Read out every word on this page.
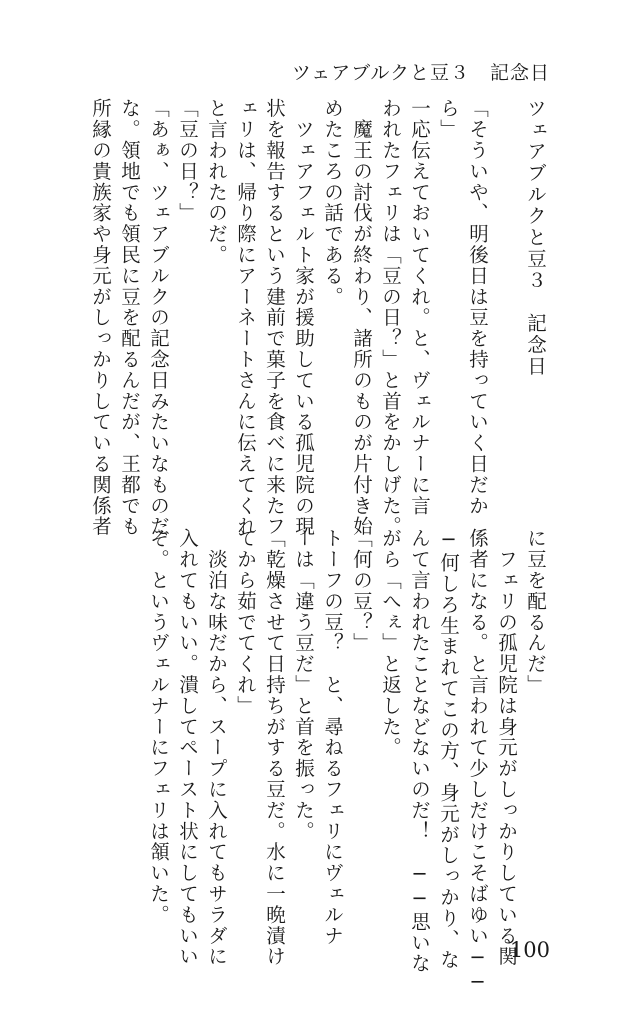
ツェアブルクと豆３　記念日
ツェアブルクと豆３　記念日
「そういや、明後日は豆を持っていく日だか
ら」
一応伝えておいてくれ。と、ヴェルナーに言
われたフェリは「豆の日？」と首をかしげた。
　魔王の討伐が終わり、諸所のものが片付き始
めたころの話である。
　ツェアフェルト家が援助している孤児院の現
状を報告するという建前で菓子を食べに来たフ
ェリは、帰り際にアーネートさんに伝えてくれ
と言われたのだ。
「豆の日？」
「あぁ、ツェアブルクの記念日みたいなものだ
な。領地でも領民に豆を配るんだが、王都でも
所縁の貴族家や身元がしっかりしている関係者
に豆を配るんだ」
　フェリの孤児院は身元がしっかりしている関
係者になる。と言われて少しだけこそばゆい──
─何しろ生まれてこの方、身元がしっかり、な
んて言われたことなどないのだ！　──思いな
がら「へぇ」と返した。
「何の豆？」
トーフの豆？　と、尋ねるフェリにヴェルナ
ーは「違う豆だ」と首を振った。
「乾燥させて日持ちがする豆だ。水に一晩漬け
てから茹でてくれ」
　淡泊な味だから、スープに入れてもサラダに
入れてもいい。潰してペースト状にしてもいい
ぞ。というヴェルナーにフェリは頷いた。
100
